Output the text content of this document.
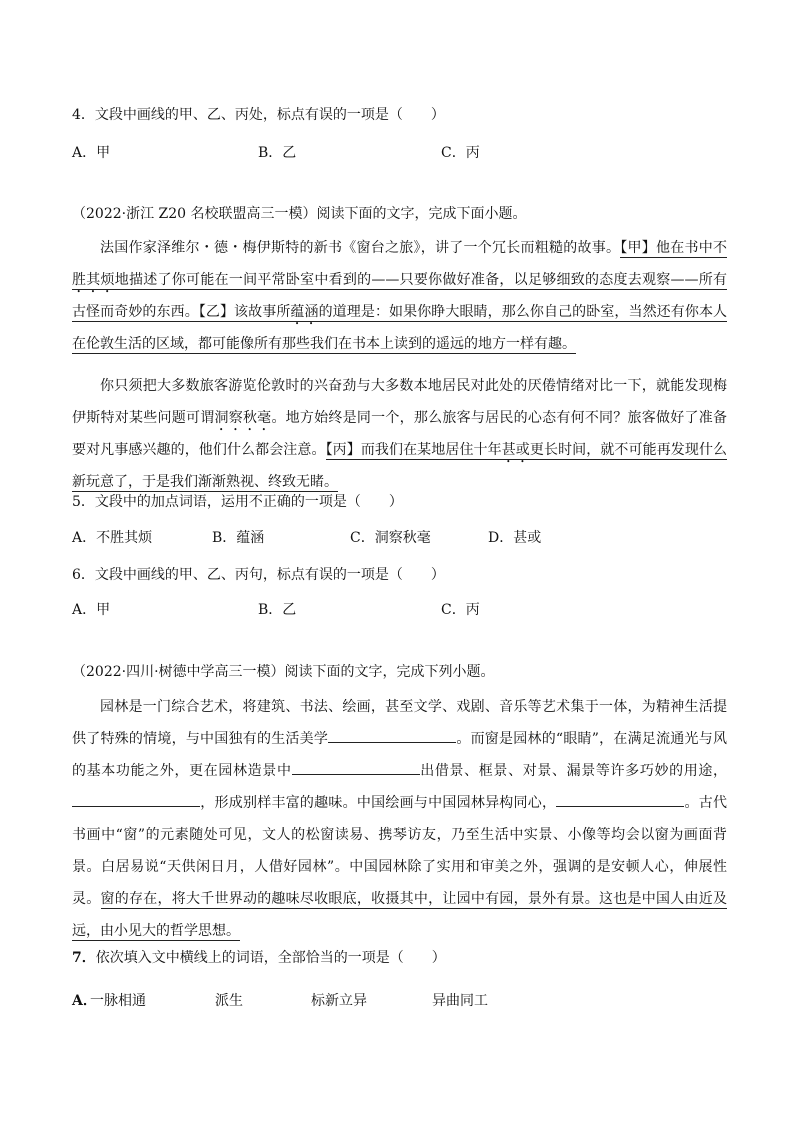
4．文段中画线的甲、乙、丙处，标点有误的一项是（　　）
A．甲	B．乙	C．丙
（2022·浙江 Z20 名校联盟高三一模）阅读下面的文字，完成下面小题。

法国作家泽维尔・德・梅伊斯特的新书《窗台之旅》，讲了一个冗长而粗糙的故事。【甲】他在书中不胜其烦地描述了你可能在一间平常卧室中看到的——只要你做好准备，以足够细致的态度去观察——所有古怪而奇妙的东西。【乙】该故事所蕴涵的道理是：如果你睁大眼睛，那么你自己的卧室，当然还有你本人在伦敦生活的区域，都可能像所有那些我们在书本上读到的遥远的地方一样有趣。

你只须把大多数旅客游览伦敦时的兴奋劲与大多数本地居民对此处的厌倦情绪对比一下，就能发现梅伊斯特对某些问题可谓洞察秋毫。地方始终是同一个，那么旅客与居民的心态有何不同？旅客做好了准备要对凡事感兴趣的，他们什么都会注意。【丙】而我们在某地居住十年甚或更长时间，就不可能再发现什么新玩意了，于是我们渐渐熟视、终致无睹。

5．文段中的加点词语，运用不正确的一项是（　　）
A．不胜其烦	B．蕴涵	C．洞察秋毫	D．甚或
6．文段中画线的甲、乙、丙句，标点有误的一项是（　　）
A．甲	B．乙	C．丙
（2022·四川·树德中学高三一模）阅读下面的文字，完成下列小题。

园林是一门综合艺术，将建筑、书法、绘画，甚至文学、戏剧、音乐等艺术集于一体，为精神生活提供了特殊的情境，与中国独有的生活美学	。而窗是园林的“眼睛”，在满足流通光与风的基本功能之外，更在园林造景中	出借景、框景、对景、漏景等许多巧妙的用途，，形成别样丰富的趣味。中国绘画与中国园林异构同心，	。古代书画中“窗”的元素随处可见，文人的松窗读易、携琴访友，乃至生活中实景、小像等均会以窗为画面背景。白居易说“天供闲日月，人借好园林”。中国园林除了实用和审美之外，强调的是安顿人心，伸展性灵。窗的存在，将大千世界动的趣味尽收眼底，收摄其中，让园中有园，景外有景。这也是中国人由近及远，由小见大的哲学思想。

7．依次填入文中横线上的词语，全部恰当的一项是（　　）
A．
一脉相通	派生	标新立异	异曲同工
